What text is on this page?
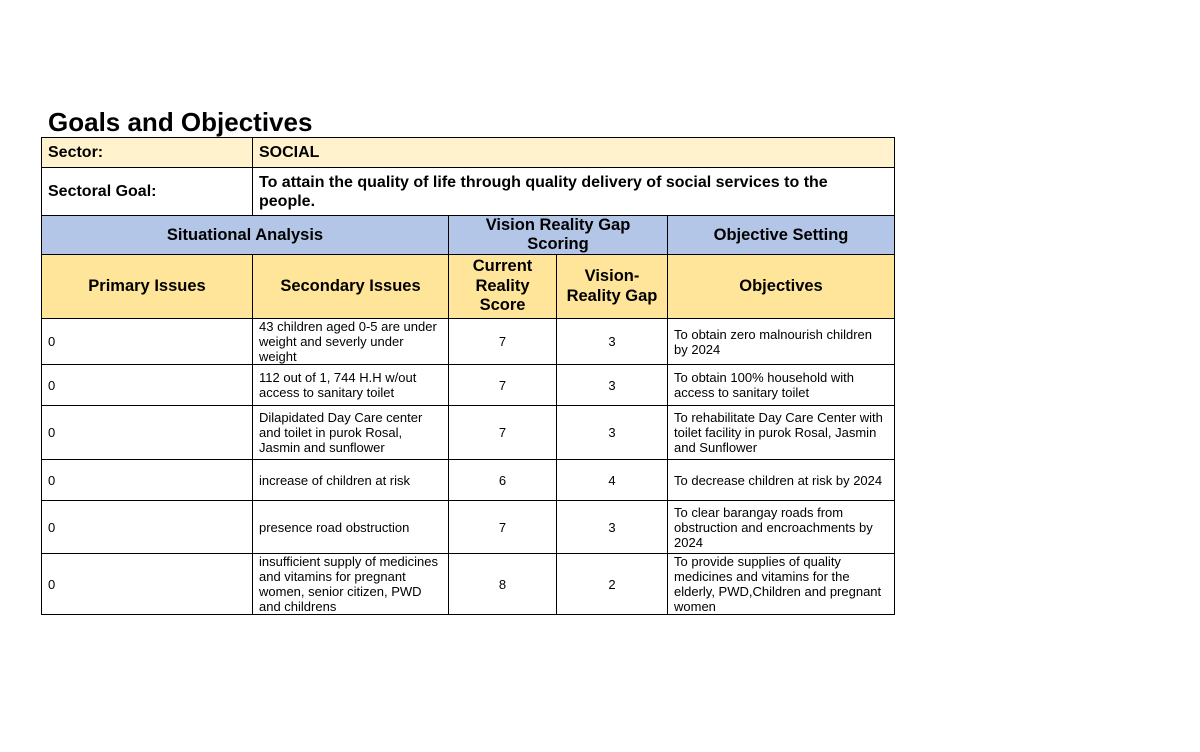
Goals and Objectives
Sector:	SOCIAL			
Sectoral Goal:	To attain the quality of life through quality delivery of social services to the people.			
Situational Analysis		Vision Reality Gap Scoring		Objective Setting
Primary Issues	Secondary Issues	Current Reality Score	Vision-Reality Gap	Objectives
0	43 children aged 0-5 are under weight and severly under weight	7	3	To obtain zero malnourish children by 2024
0	112 out of 1, 744 H.H w/out access to sanitary toilet	7	3	To obtain 100% household with access to sanitary toilet
0	Dilapidated Day Care center and toilet in purok Rosal, Jasmin and sunflower	7	3	To rehabilitate Day Care Center with toilet facility in purok Rosal, Jasmin and Sunflower
0	increase of children at risk	6	4	To decrease children at risk by 2024
0	presence road obstruction	7	3	To clear barangay roads from obstruction and encroachments by 2024
0	insufficient supply of medicines and vitamins for pregnant women, senior citizen, PWD and childrens	8	2	To provide supplies of quality medicines and vitamins for the elderly, PWD,Children and pregnant women
